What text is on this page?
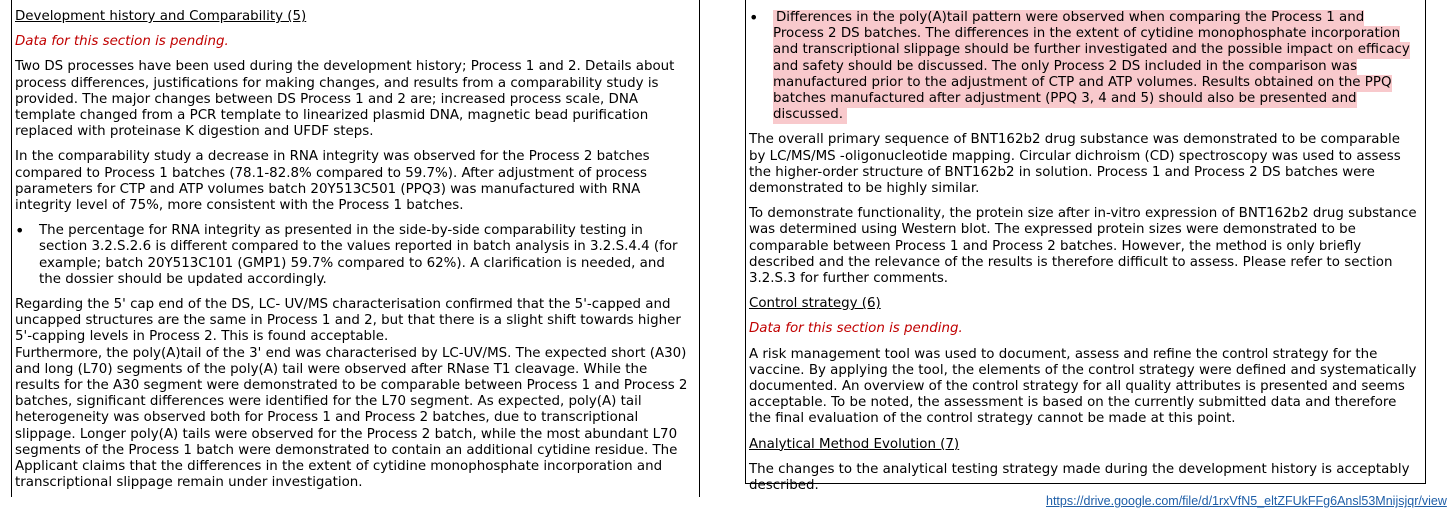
Development history and Comparability (5)
Data for this section is pending.

Two DS processes have been used during the development history; Process 1 and 2. Details about process differences, justifications for making changes, and results from a comparability study is provided. The major changes between DS Process 1 and 2 are; increased process scale, DNA template changed from a PCR template to linearized plasmid DNA, magnetic bead purification replaced with proteinase K digestion and UFDF steps.

In the comparability study a decrease in RNA integrity was observed for the Process 2 batches compared to Process 1 batches (78.1-82.8% compared to 59.7%). After adjustment of process parameters for CTP and ATP volumes batch 20Y513C501 (PPQ3) was manufactured with RNA integrity level of 75%, more consistent with the Process 1 batches.

• The percentage for RNA integrity as presented in the side-by-side comparability testing in section 3.2.S.2.6 is different compared to the values reported in batch analysis in 3.2.S.4.4 (for example; batch 20Y513C101 (GMP1) 59.7% compared to 62%). A clarification is needed, and the dossier should be updated accordingly.
Regarding the 5' cap end of the DS, LC- UV/MS characterisation confirmed that the 5'-capped and uncapped structures are the same in Process 1 and 2, but that there is a slight shift towards higher 5'-capping levels in Process 2. This is found acceptable.
Furthermore, the poly(A)tail of the 3' end was characterised by LC-UV/MS. The expected short (A30) and long (L70) segments of the poly(A) tail were observed after RNase T1 cleavage. While the results for the A30 segment were demonstrated to be comparable between Process 1 and Process 2 batches, significant differences were identified for the L70 segment. As expected, poly(A) tail heterogeneity was observed both for Process 1 and Process 2 batches, due to transcriptional slippage. Longer poly(A) tails were observed for the Process 2 batch, while the most abundant L70 segments of the Process 1 batch were demonstrated to contain an additional cytidine residue. The Applicant claims that the differences in the extent of cytidine monophosphate incorporation and transcriptional slippage remain under investigation.
• Differences in the poly(A)tail pattern were observed when comparing the Process 1 and Process 2 DS batches. The differences in the extent of cytidine monophosphate incorporation and transcriptional slippage should be further investigated and the possible impact on efficacy and safety should be discussed. The only Process 2 DS included in the comparison was manufactured prior to the adjustment of CTP and ATP volumes. Results obtained on the PPQ batches manufactured after adjustment (PPQ 3, 4 and 5) should also be presented and discussed.

The overall primary sequence of BNT162b2 drug substance was demonstrated to be comparable by LC/MS/MS -oligonucleotide mapping. Circular dichroism (CD) spectroscopy was used to assess the higher-order structure of BNT162b2 in solution. Process 1 and Process 2 DS batches were demonstrated to be highly similar.

To demonstrate functionality, the protein size after in-vitro expression of BNT162b2 drug substance was determined using Western blot. The expressed protein sizes were demonstrated to be comparable between Process 1 and Process 2 batches. However, the method is only briefly described and the relevance of the results is therefore difficult to assess. Please refer to section 3.2.S.3 for further comments.

Control strategy (6)
Data for this section is pending.

A risk management tool was used to document, assess and refine the control strategy for the vaccine. By applying the tool, the elements of the control strategy were defined and systematically documented. An overview of the control strategy for all quality attributes is presented and seems acceptable. To be noted, the assessment is based on the currently submitted data and therefore the final evaluation of the control strategy cannot be made at this point.

Analytical Method Evolution (7)
The changes to the analytical testing strategy made during the development history is acceptably described.
https://drive.google.com/file/d/1rxVfN5_eltZFUkFFg6Ansl53Mnijsjqr/view
